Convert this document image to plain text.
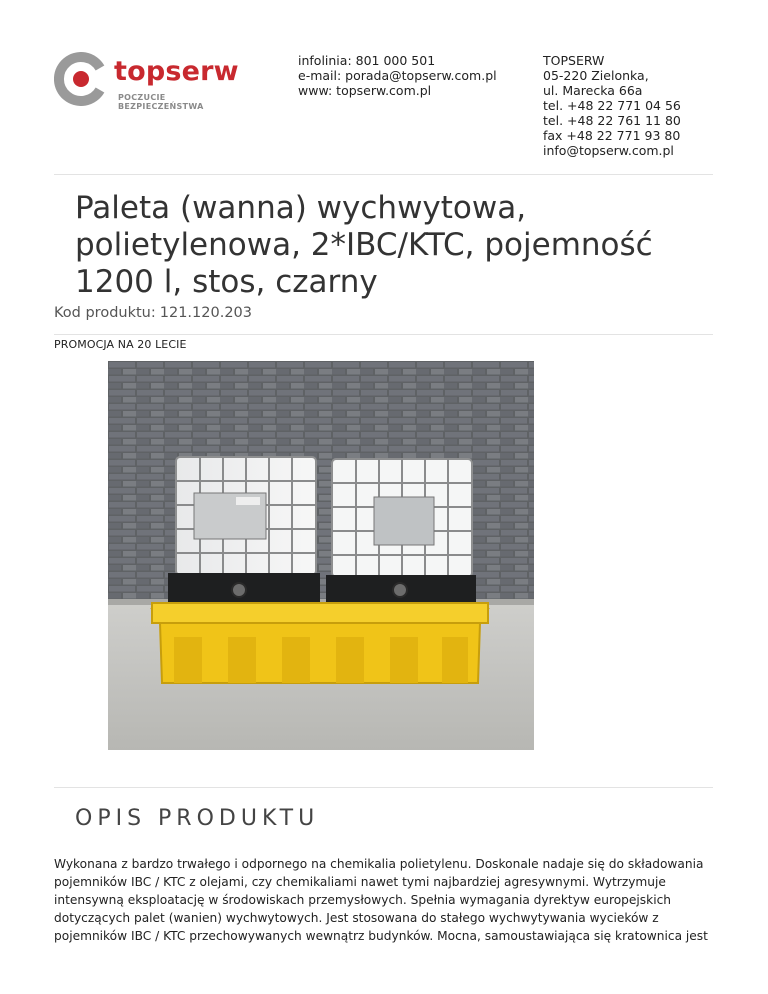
topserw
POCZUCIE BEZPIECZEŃSTWA
infolinia: 801 000 501
e-mail: porada@topserw.com.pl
www: topserw.com.pl
TOPSERW
05-220 Zielonka,
ul. Marecka 66a
tel. +48 22 771 04 56
tel. +48 22 761 11 80
fax +48 22 771 93 80
info@topserw.com.pl
Paleta (wanna) wychwytowa, polietylenowa, 2*IBC/KTC, pojemność 1200 l, stos, czarny
Kod produktu: 121.120.203
PROMOCJA NA 20 LECIE
OPIS PRODUKTU

Wykonana z bardzo trwałego i odpornego na chemikalia polietylenu. Doskonale nadaje się do składowania pojemników IBC / KTC z olejami, czy chemikaliami nawet tymi najbardziej agresywnymi. Wytrzymuje intensywną eksploatację w środowiskach przemysłowych. Spełnia wymagania dyrektyw europejskich dotyczących palet (wanien) wychwytowych. Jest stosowana do stałego wychwytywania wycieków z pojemników IBC / KTC przechowywanych wewnątrz budynków. Mocna, samoustawiająca się kratownica jest
